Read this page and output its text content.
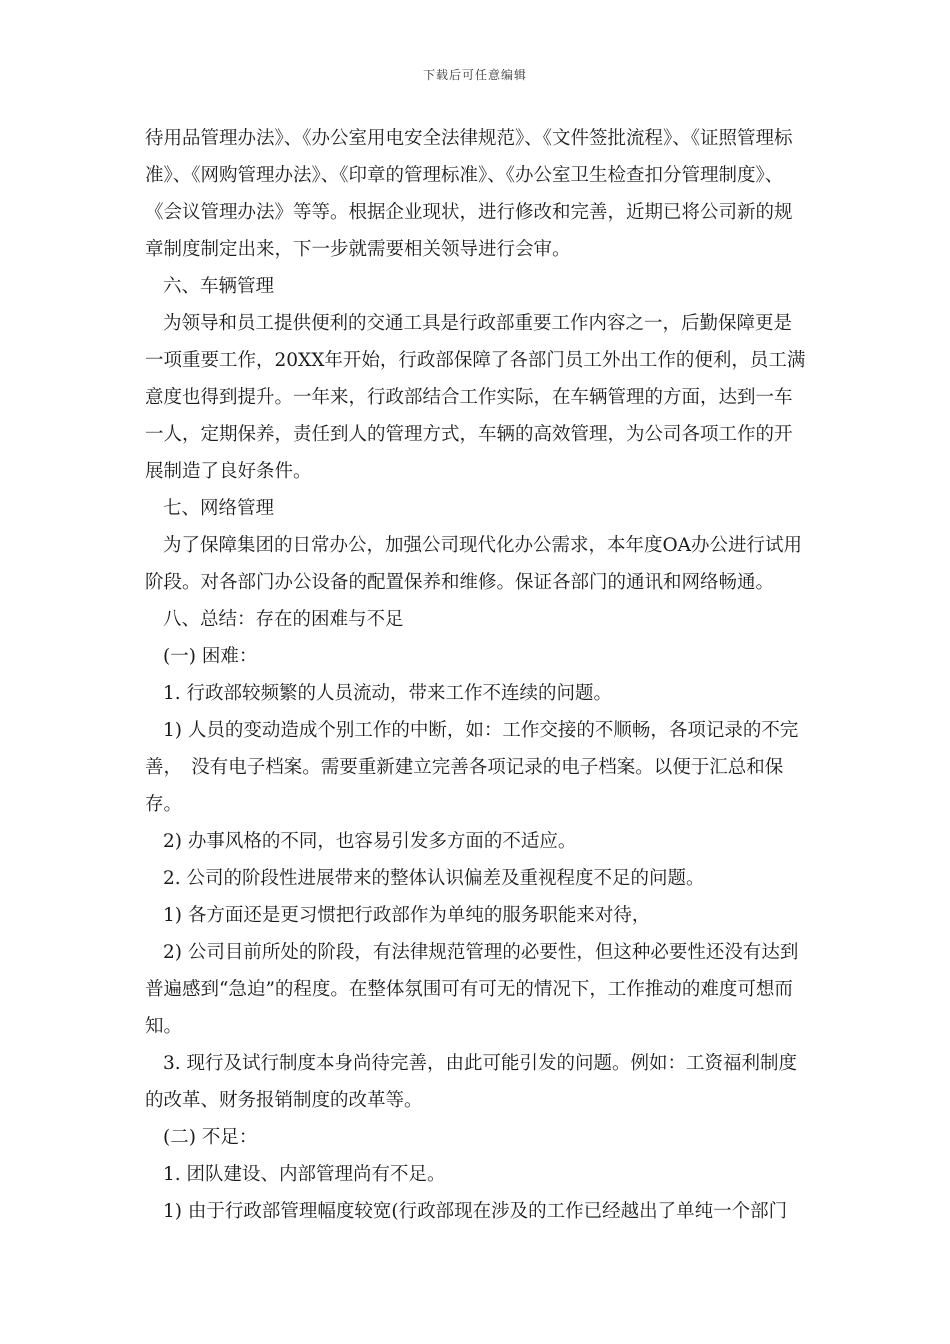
下载后可任意编辑

待用品管理办法》、《办公室用电安全法律规范》、《文件签批流程》、《证照管理标准》、《网购管理办法》、《印章的管理标准》、《办公室卫生检查扣分管理制度》、《会议管理办法》等等。根据企业现状，进行修改和完善，近期已将公司新的规章制度制定出来，下一步就需要相关领导进行会审。

六、车辆管理

为领导和员工提供便利的交通工具是行政部重要工作内容之一，后勤保障更是一项重要工作，20XX年开始，行政部保障了各部门员工外出工作的便利，员工满意度也得到提升。一年来，行政部结合工作实际，在车辆管理的方面，达到一车一人，定期保养，责任到人的管理方式，车辆的高效管理，为公司各项工作的开展制造了良好条件。

七、网络管理

为了保障集团的日常办公，加强公司现代化办公需求，本年度OA办公进行试用阶段。对各部门办公设备的配置保养和维修。保证各部门的通讯和网络畅通。

八、总结：存在的困难与不足

(一) 困难：

1. 行政部较频繁的人员流动，带来工作不连续的问题。

1) 人员的变动造成个别工作的中断，如：工作交接的不顺畅，各项记录的不完善，　没有电子档案。需要重新建立完善各项记录的电子档案。以便于汇总和保存。

2) 办事风格的不同，也容易引发多方面的不适应。

2. 公司的阶段性进展带来的整体认识偏差及重视程度不足的问题。

1) 各方面还是更习惯把行政部作为单纯的服务职能来对待，

2) 公司目前所处的阶段，有法律规范管理的必要性，但这种必要性还没有达到普遍感到“急迫”的程度。在整体氛围可有可无的情况下，工作推动的难度可想而知。

3. 现行及试行制度本身尚待完善，由此可能引发的问题。例如：工资福利制度的改革、财务报销制度的改革等。

(二) 不足：

1. 团队建设、内部管理尚有不足。

1) 由于行政部管理幅度较宽(行政部现在涉及的工作已经越出了单纯一个部门
